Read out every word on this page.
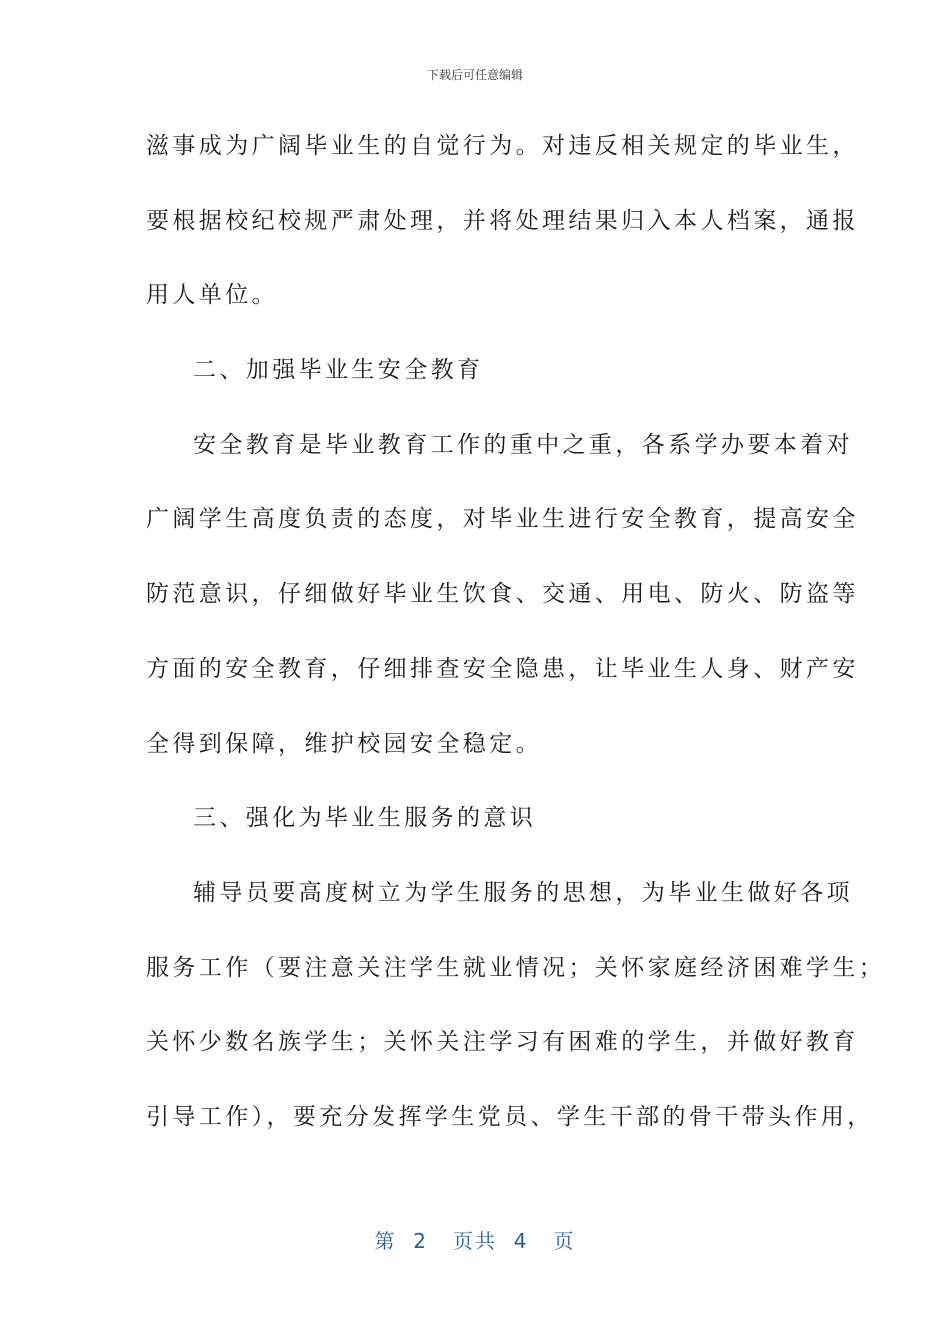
下载后可任意编辑
滋事成为广阔毕业生的自觉行为。对违反相关规定的毕业生，
要根据校纪校规严肃处理，并将处理结果归入本人档案，通报
用人单位。
二、加强毕业生安全教育
安全教育是毕业教育工作的重中之重，各系学办要本着对
广阔学生高度负责的态度，对毕业生进行安全教育，提高安全
防范意识，仔细做好毕业生饮食、交通、用电、防火、防盗等
方面的安全教育，仔细排查安全隐患，让毕业生人身、财产安
全得到保障，维护校园安全稳定。
三、强化为毕业生服务的意识
辅导员要高度树立为学生服务的思想，为毕业生做好各项
服务工作（要注意关注学生就业情况；关怀家庭经济困难学生；
关怀少数名族学生；关怀关注学习有困难的学生，并做好教育
引导工作），要充分发挥学生党员、学生干部的骨干带头作用，
第  2   页共  4   页
